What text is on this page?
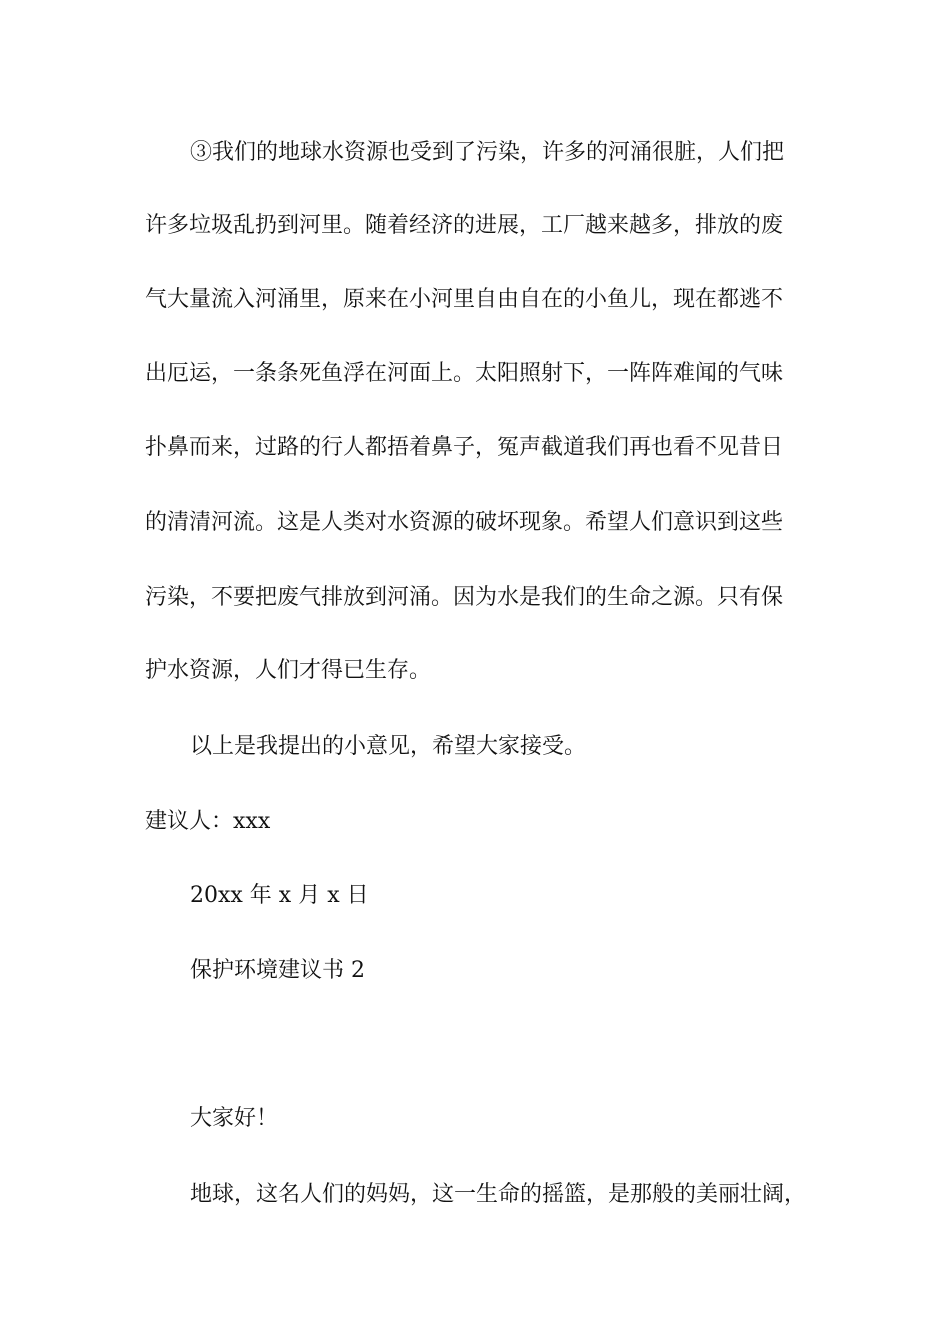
③我们的地球水资源也受到了污染，许多的河涌很脏，人们把
许多垃圾乱扔到河里。随着经济的进展，工厂越来越多，排放的废
气大量流入河涌里，原来在小河里自由自在的小鱼儿，现在都逃不
出厄运，一条条死鱼浮在河面上。太阳照射下，一阵阵难闻的气味
扑鼻而来，过路的行人都捂着鼻子，冤声截道我们再也看不见昔日
的清清河流。这是人类对水资源的破坏现象。希望人们意识到这些
污染，不要把废气排放到河涌。因为水是我们的生命之源。只有保
护水资源，人们才得已生存。
以上是我提出的小意见，希望大家接受。
建议人：xxx
20xx 年 x 月 x 日
保护环境建议书 2
大家好！
地球，这名人们的妈妈，这一生命的摇篮，是那般的美丽壮阔，
